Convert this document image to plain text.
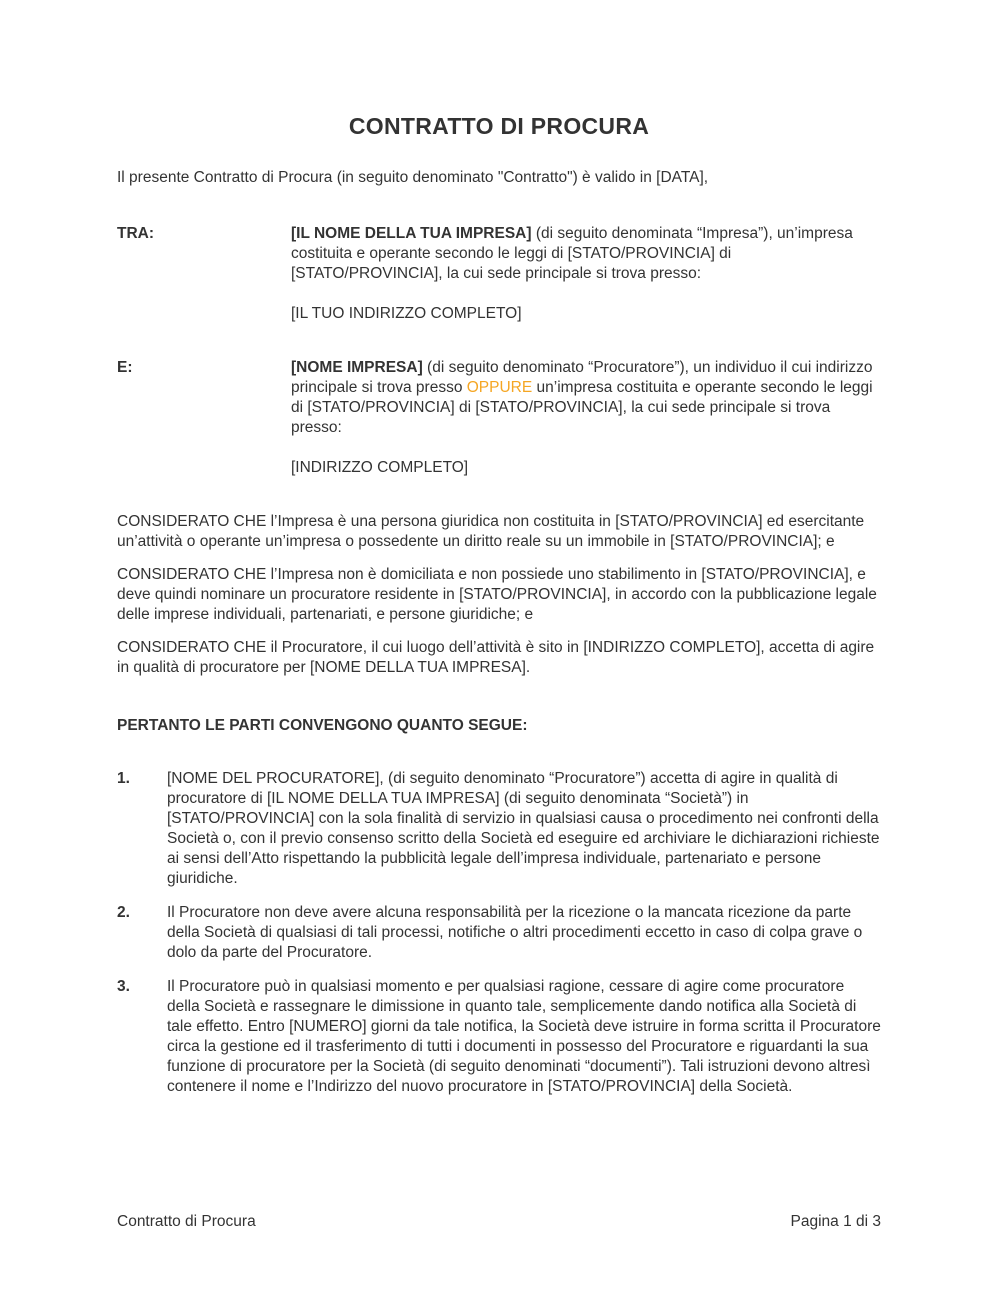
CONTRATTO DI PROCURA

Il presente Contratto di Procura (in seguito denominato "Contratto") è valido in [DATA],

TRA:	[IL NOME DELLA TUA IMPRESA] (di seguito denominata “Impresa”), un’impresa costituita e operante secondo le leggi di [STATO/PROVINCIA] di [STATO/PROVINCIA], la cui sede principale si trova presso:

[IL TUO INDIRIZZO COMPLETO]

E:	[NOME IMPRESA] (di seguito denominato “Procuratore”), un individuo il cui indirizzo principale si trova presso OPPURE un’impresa costituita e operante secondo le leggi di [STATO/PROVINCIA] di [STATO/PROVINCIA], la cui sede principale si trova presso:

[INDIRIZZO COMPLETO]

CONSIDERATO CHE l’Impresa è una persona giuridica non costituita in [STATO/PROVINCIA] ed esercitante un’attività o operante un’impresa o possedente un diritto reale su un immobile in [STATO/PROVINCIA]; e

CONSIDERATO CHE l’Impresa non è domiciliata e non possiede uno stabilimento in [STATO/PROVINCIA], e deve quindi nominare un procuratore residente in [STATO/PROVINCIA], in accordo con la pubblicazione legale delle imprese individuali, partenariati, e persone giuridiche; e

CONSIDERATO CHE il Procuratore, il cui luogo dell’attività è sito in [INDIRIZZO COMPLETO], accetta di agire in qualità di procuratore per [NOME DELLA TUA IMPRESA].

PERTANTO LE PARTI CONVENGONO QUANTO SEGUE:

1.	[NOME DEL PROCURATORE], (di seguito denominato “Procuratore”) accetta di agire in qualità di procuratore di [IL NOME DELLA TUA IMPRESA] (di seguito denominata “Società”) in [STATO/PROVINCIA] con la sola finalità di servizio in qualsiasi causa o procedimento nei confronti della Società o, con il previo consenso scritto della Società ed eseguire ed archiviare le dichiarazioni richieste ai sensi dell’Atto rispettando la pubblicità legale dell’impresa individuale, partenariato e persone giuridiche.

2.	Il Procuratore non deve avere alcuna responsabilità per la ricezione o la mancata ricezione da parte della Società di qualsiasi di tali processi, notifiche o altri procedimenti eccetto in caso di colpa grave o dolo da parte del Procuratore.

3.	Il Procuratore può in qualsiasi momento e per qualsiasi ragione, cessare di agire come procuratore della Società e rassegnare le dimissione in quanto tale, semplicemente dando notifica alla Società di tale effetto. Entro [NUMERO] giorni da tale notifica, la Società deve istruire in forma scritta il Procuratore circa la gestione ed il trasferimento di tutti i documenti in possesso del Procuratore e riguardanti la sua funzione di procuratore per la Società (di seguito denominati “documenti”). Tali istruzioni devono altresì contenere il nome e l’Indirizzo del nuovo procuratore in [STATO/PROVINCIA] della Società.

Contratto di Procura	Pagina 1 di 3
